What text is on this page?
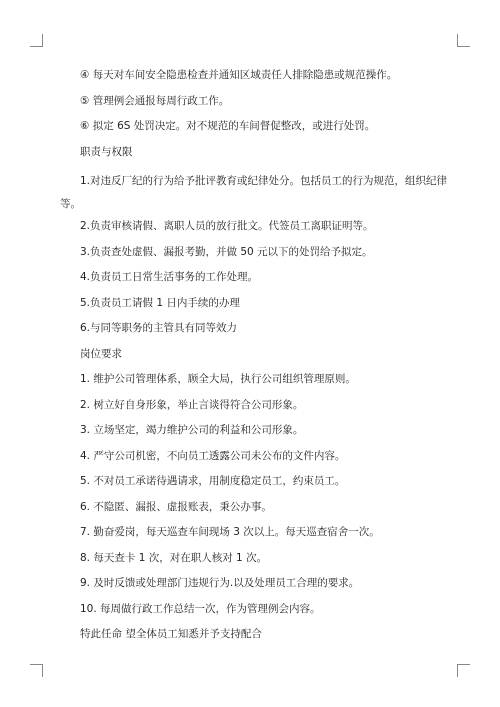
④ 每天对车间安全隐患检查并通知区域责任人排除隐患或规范操作。

⑤ 管理例会通报每周行政工作。

⑥ 拟定 6S 处罚决定。对不规范的车间督促整改，或进行处罚。

职责与权限

1.对违反厂纪的行为给予批评教育或纪律处分。包括员工的行为规范，组织纪律
等。

2.负责审核请假、离职人员的放行批文。代签员工离职证明等。

3.负责查处虚假、漏报考勤，并做 50 元以下的处罚给予拟定。

4.负责员工日常生活事务的工作处理。

5.负责员工请假 1 日内手续的办理

6.与同等职务的主管具有同等效力

岗位要求

1. 维护公司管理体系，顾全大局，执行公司组织管理原则。

2. 树立好自身形象，举止言谈得符合公司形象。

3. 立场坚定，竭力维护公司的利益和公司形象。

4. 严守公司机密，不向员工透露公司未公布的文件内容。

5. 不对员工承诺待遇请求，用制度稳定员工，约束员工。

6. 不隐匿、漏报、虚报账表，秉公办事。

7. 勤奋爱岗，每天巡查车间现场 3 次以上。每天巡查宿舍一次。

8. 每天查卡 1 次，对在职人核对 1 次。

9. 及时反馈或处理部门违规行为.以及处理员工合理的要求。

10. 每周做行政工作总结一次，作为管理例会内容。

特此任命 望全体员工知悉并予支持配合
